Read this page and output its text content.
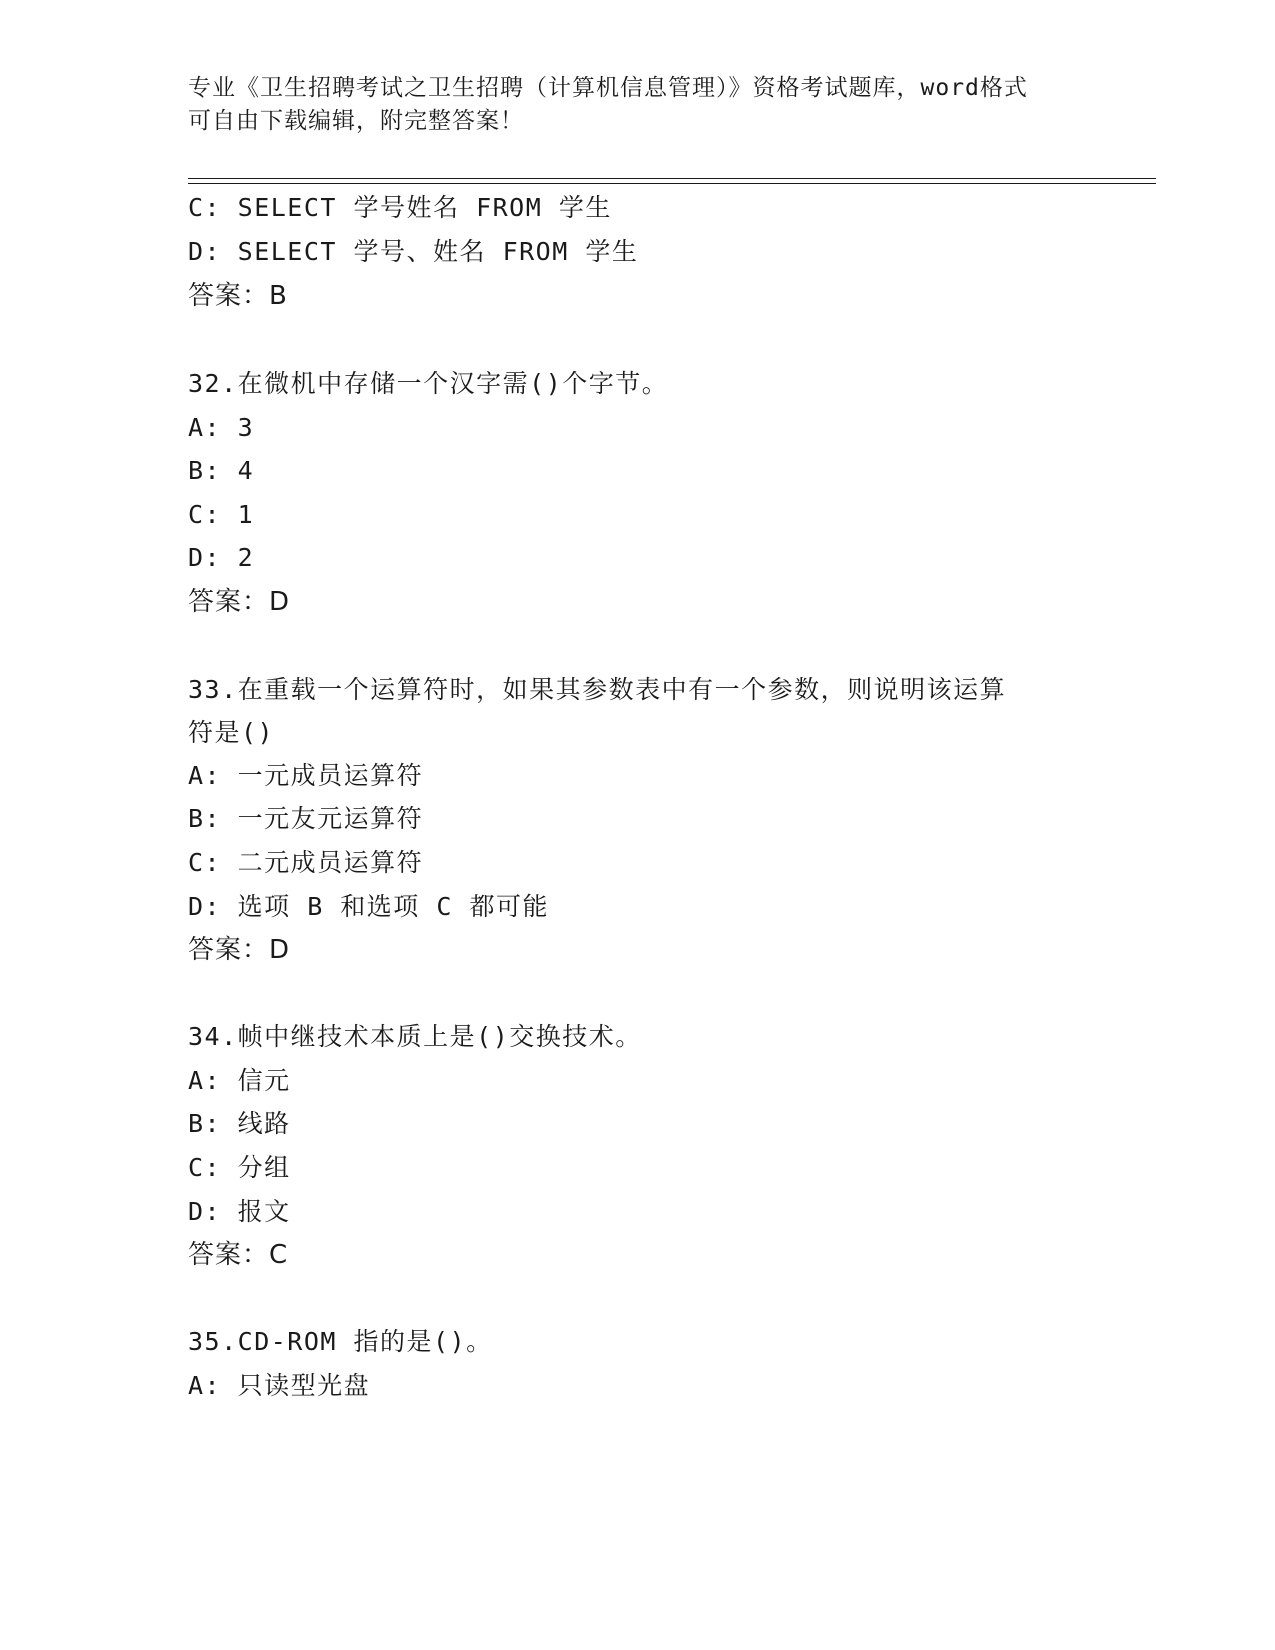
专业《卫生招聘考试之卫生招聘（计算机信息管理）》资格考试题库，word格式
可自由下载编辑，附完整答案！
C: SELECT 学号姓名 FROM 学生
D: SELECT 学号、姓名 FROM 学生
答案：B
32.在微机中存储一个汉字需()个字节。
A: 3
B: 4
C: 1
D: 2
答案：D
33.在重载一个运算符时，如果其参数表中有一个参数，则说明该运算
符是()
A: 一元成员运算符
B: 一元友元运算符
C: 二元成员运算符
D: 选项 B 和选项 C 都可能
答案：D
34.帧中继技术本质上是()交换技术。
A: 信元
B: 线路
C: 分组
D: 报文
答案：C
35.CD-ROM 指的是()。
A: 只读型光盘
